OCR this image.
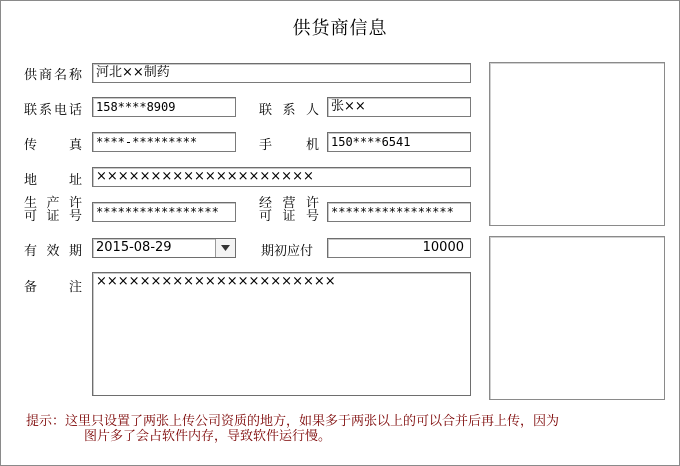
供货商信息
供 商 名 称	河北××制药
联 系 电 话	158****8909	联 系 人 张××
传 真	****-*********	手	机	150****6541
地 址	××××××××××××××××××××
生 产 许
可 证 号	*****************
经 营 许
可 证 号	*****************
有 效 期 2015-08-29	期初应付	10000
备 注	××××××××××××××××××××××
提示：这里只设置了两张上传公司资质的地方，如果多于两张以上的可以合并后再上传，因为
图片多了会占软件内存，导致软件运行慢。
